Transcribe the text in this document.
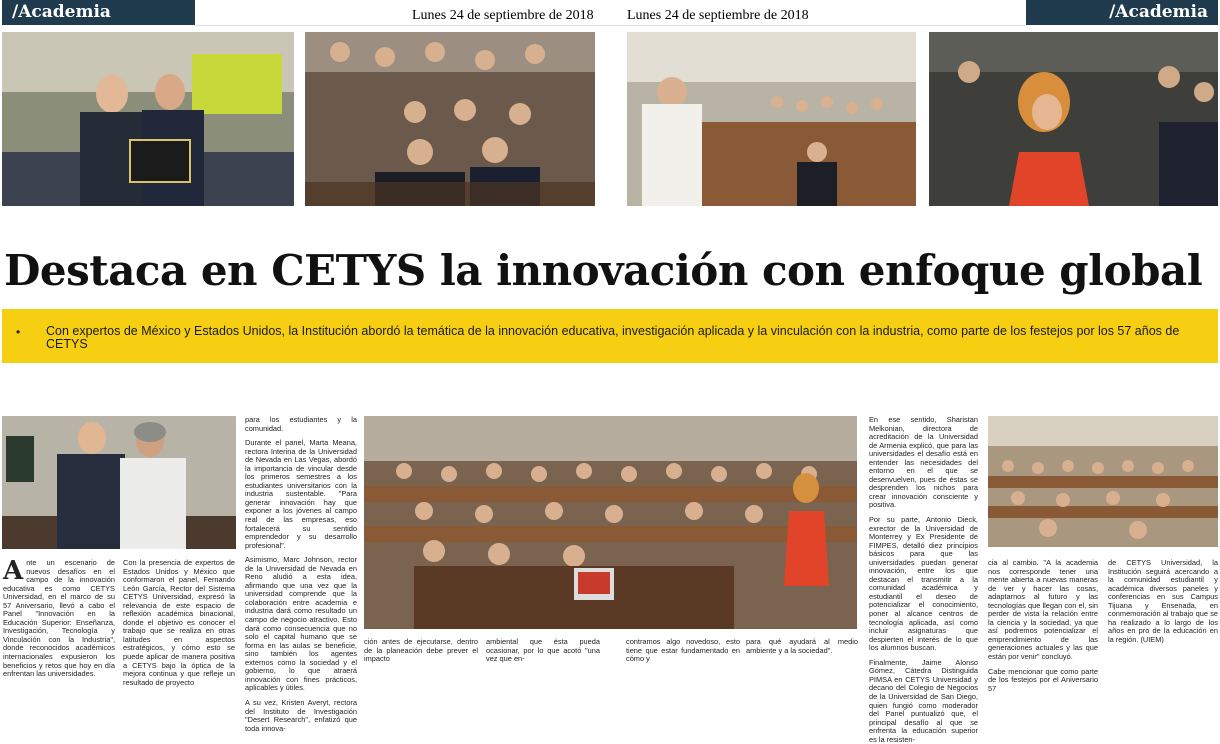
/Academia	Lunes 24 de septiembre de 2018 Lunes 24 de septiembre de 2018	/Academia
Destaca en CETYS la innovación con enfoque global
• Con expertos de México y Estados Unidos, la Institución abordó la temática de la innovación educativa, investigación aplicada y la vinculación con la industria, como parte de los festejos por los 57 años de CETYS
Ante un escenario de nuevos desafíos en el campo de la innovación educativa es como CETYS Universidad, en el marco de su 57 Aniversario, llevó a cabo el Panel "Innovación en la Educación Superior: Enseñanza, Investigación, Tecnología y Vinculación con la Industria", donde reconocidos académicos internacionales expusieron los beneficios y retos que hoy en día enfrentan las universidades.
Con la presencia de expertos de Estados Unidos y México que conformaron el panel, Fernando León García, Rector del Sistema CETYS Universidad, expresó la relevancia de este espacio de reflexión académica binacional, donde el objetivo es conocer el trabajo que se realiza en otras latitudes en aspectos estratégicos, y cómo esto se puede aplicar de manera positiva a CETYS bajo la óptica de la mejora continua y que refleje un resultado de proyecto

para los estudiantes y la comunidad.

Durante el panel, Marta Meana, rectora Interina de la Universidad de Nevada en Las Vegas, abordó la importancia de vincular desde los primeros semestres a los estudiantes universitarios con la industria sustentable. "Para generar innovación hay que exponer a los jóvenes al campo real de las empresas, eso fortalecerá su sentido emprendedor y su desarrollo profesional".

Asimismo, Marc Johnson, rector de la Universidad de Nevada en Reno aludió a esta idea, afirmando que una vez que la universidad comprende que la colaboración entre academia e industria dará como resultado un campo de negocio atractivo. Esto dará como consecuencia que no solo el capital humano que se forma en las aulas se beneficie, sino también los agentes externos como la sociedad y el gobierno, lo que atraerá innovación con fines prácticos, aplicables y útiles.

A su vez, Kristen Averyt, rectora del Instituto de Investigación "Desert Research", enfatizó que toda innova-

ción antes de ejecutarse, dentro de la planeación debe prever el impacto
ambiental que ésta pueda ocasionar, por lo que acotó "una vez que en-
contramos algo novedoso, esto tiene que estar fundamentado en cómo y
para qué ayudará al medio ambiente y a la sociedad".

En ese sentido, Sharistan Melkonian, directora de acreditación de la Universidad de Armenia explicó, que para las universidades el desafío está en entender las necesidades del entorno en el que se desenvuelven, pues de éstas se desprenden los nichos para crear innovación consciente y positiva.

Por su parte, Antonio Dieck, exrector de la Universidad de Monterrey y Ex Presidente de FIMPES, detalló diez principios básicos para que las universidades puedan generar innovación, entre los que destacan el transmitir a la comunidad académica y estudiantil el deseo de potencializar el conocimiento, poner al alcance centros de tecnología aplicada, así como incluir asignaturas que despierten el interés de lo que los alumnos buscan.

Finalmente, Jaime Alonso Gómez, Cátedra Distinguida PIMSA en CETYS Universidad y decano del Colegio de Negocios de la Universidad de San Diego, quien fungió como moderador del Panel puntualizó que, el principal desafío al que se enfrenta la educación superior es la resisten-

cia al cambio. "A la academia nos corresponde tener una mente abierta a nuevas maneras de ver y hacer las cosas, adaptarnos al futuro y las tecnologías que llegan con el, sin perder de vista la relación entre la ciencia y la sociedad, ya que así podremos potencializar el emprendimiento de las generaciones actuales y las que están por venir" concluyó.

Cabe mencionar que como parte de los festejos por el Aniversario 57

de CETYS Universidad, la Institución seguirá acercando a la comunidad estudiantil y académica diversos paneles y conferencias en sus Campus Tijuana y Ensenada, en conmemoración al trabajo que se ha realizado a lo largo de los años en pro de la educación en la región. (UIEM)
